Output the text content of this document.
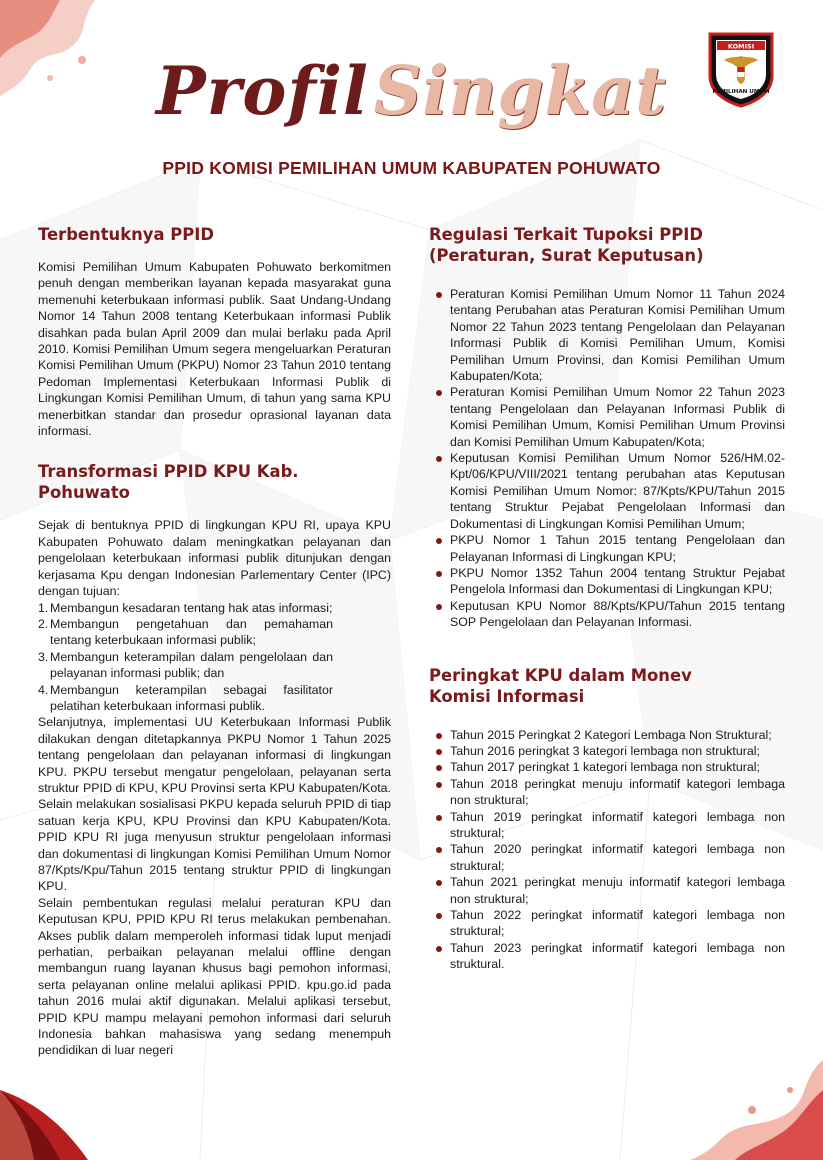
KOMISI
PEMILIHAN UMUM
Profil Singkat
PPID KOMISI PEMILIHAN UMUM KABUPATEN POHUWATO
Terbentuknya PPID

Komisi Pemilihan Umum Kabupaten Pohuwato berkomitmen penuh dengan memberikan layanan kepada masyarakat guna memenuhi keterbukaan informasi publik. Saat Undang-Undang Nomor 14 Tahun 2008 tentang Keterbukaan informasi Publik disahkan pada bulan April 2009 dan mulai berlaku pada April 2010. Komisi Pemilihan Umum segera mengeluarkan Peraturan Komisi Pemilihan Umum (PKPU) Nomor 23 Tahun 2010 tentang Pedoman Implementasi Keterbukaan Informasi Publik di Lingkungan Komisi Pemilihan Umum, di tahun yang sama KPU menerbitkan standar dan prosedur oprasional layanan data informasi.

Transformasi PPID KPU Kab. Pohuwato

Sejak di bentuknya PPID di lingkungan KPU RI, upaya KPU Kabupaten Pohuwato dalam meningkatkan pelayanan dan pengelolaan keterbukaan informasi publik ditunjukan dengan kerjasama Kpu dengan Indonesian Parlementary Center (IPC) dengan tujuan:

1. Membangun kesadaran tentang hak atas informasi;
2. Membangun pengetahuan dan pemahaman tentang keterbukaan informasi publik;
3. Membangun keterampilan dalam pengelolaan dan pelayanan informasi publik; dan
4. Membangun keterampilan sebagai fasilitator pelatihan keterbukaan informasi publik.

Selanjutnya, implementasi UU Keterbukaan Informasi Publik dilakukan dengan ditetapkannya PKPU Nomor 1 Tahun 2025 tentang pengelolaan dan pelayanan informasi di lingkungan KPU. PKPU tersebut mengatur pengelolaan, pelayanan serta struktur PPID di KPU, KPU Provinsi serta KPU Kabupaten/Kota. Selain melakukan sosialisasi PKPU kepada seluruh PPID di tiap satuan kerja KPU, KPU Provinsi dan KPU Kabupaten/Kota. PPID KPU RI juga menyusun struktur pengelolaan informasi dan dokumentasi di lingkungan Komisi Pemilihan Umum Nomor 87/Kpts/Kpu/Tahun 2015 tentang struktur PPID di lingkungan KPU.

Selain pembentukan regulasi melalui peraturan KPU dan Keputusan KPU, PPID KPU RI terus melakukan pembenahan. Akses publik dalam memperoleh informasi tidak luput menjadi perhatian, perbaikan pelayanan melalui offline dengan membangun ruang layanan khusus bagi pemohon informasi, serta pelayanan online melalui aplikasi PPID. kpu.go.id pada tahun 2016 mulai aktif digunakan. Melalui aplikasi tersebut, PPID KPU mampu melayani pemohon informasi dari seluruh Indonesia bahkan mahasiswa yang sedang menempuh pendidikan di luar negeri

Regulasi Terkait Tupoksi PPID
(Peraturan, Surat Keputusan)
Peraturan Komisi Pemilihan Umum Nomor 11 Tahun 2024 tentang Perubahan atas Peraturan Komisi Pemilihan Umum Nomor 22 Tahun 2023 tentang Pengelolaan dan Pelayanan Informasi Publik di Komisi Pemilihan Umum, Komisi Pemilihan Umum Provinsi, dan Komisi Pemilihan Umum Kabupaten/Kota;
Peraturan Komisi Pemilihan Umum Nomor 22 Tahun 2023 tentang Pengelolaan dan Pelayanan Informasi Publik di Komisi Pemilihan Umum, Komisi Pemilihan Umum Provinsi dan Komisi Pemilihan Umum Kabupaten/Kota;
Keputusan Komisi Pemilihan Umum Nomor 526/HM.02-Kpt/06/KPU/VIII/2021 tentang perubahan atas Keputusan Komisi Pemilihan Umum Nomor: 87/Kpts/KPU/Tahun 2015 tentang Struktur Pejabat Pengelolaan Informasi dan Dokumentasi di Lingkungan Komisi Pemilihan Umum;
PKPU Nomor 1 Tahun 2015 tentang Pengelolaan dan Pelayanan Informasi di Lingkungan KPU;
PKPU Nomor 1352 Tahun 2004 tentang Struktur Pejabat Pengelola Informasi dan Dokumentasi di Lingkungan KPU;
Keputusan KPU Nomor 88/Kpts/KPU/Tahun 2015 tentang SOP Pengelolaan dan Pelayanan Informasi.
Peringkat KPU dalam Monev
Komisi Informasi
Tahun 2015 Peringkat 2 Kategori Lembaga Non Struktural;
Tahun 2016 peringkat 3 kategori lembaga non struktural;
Tahun 2017 peringkat 1 kategori lembaga non struktural;
Tahun 2018 peringkat menuju informatif kategori lembaga non struktural;
Tahun 2019 peringkat informatif kategori lembaga non struktural;
Tahun 2020 peringkat informatif kategori lembaga non struktural;
Tahun 2021 peringkat menuju informatif kategori lembaga non struktural;
Tahun 2022 peringkat informatif kategori lembaga non struktural;
Tahun 2023 peringkat informatif kategori lembaga non struktural.
